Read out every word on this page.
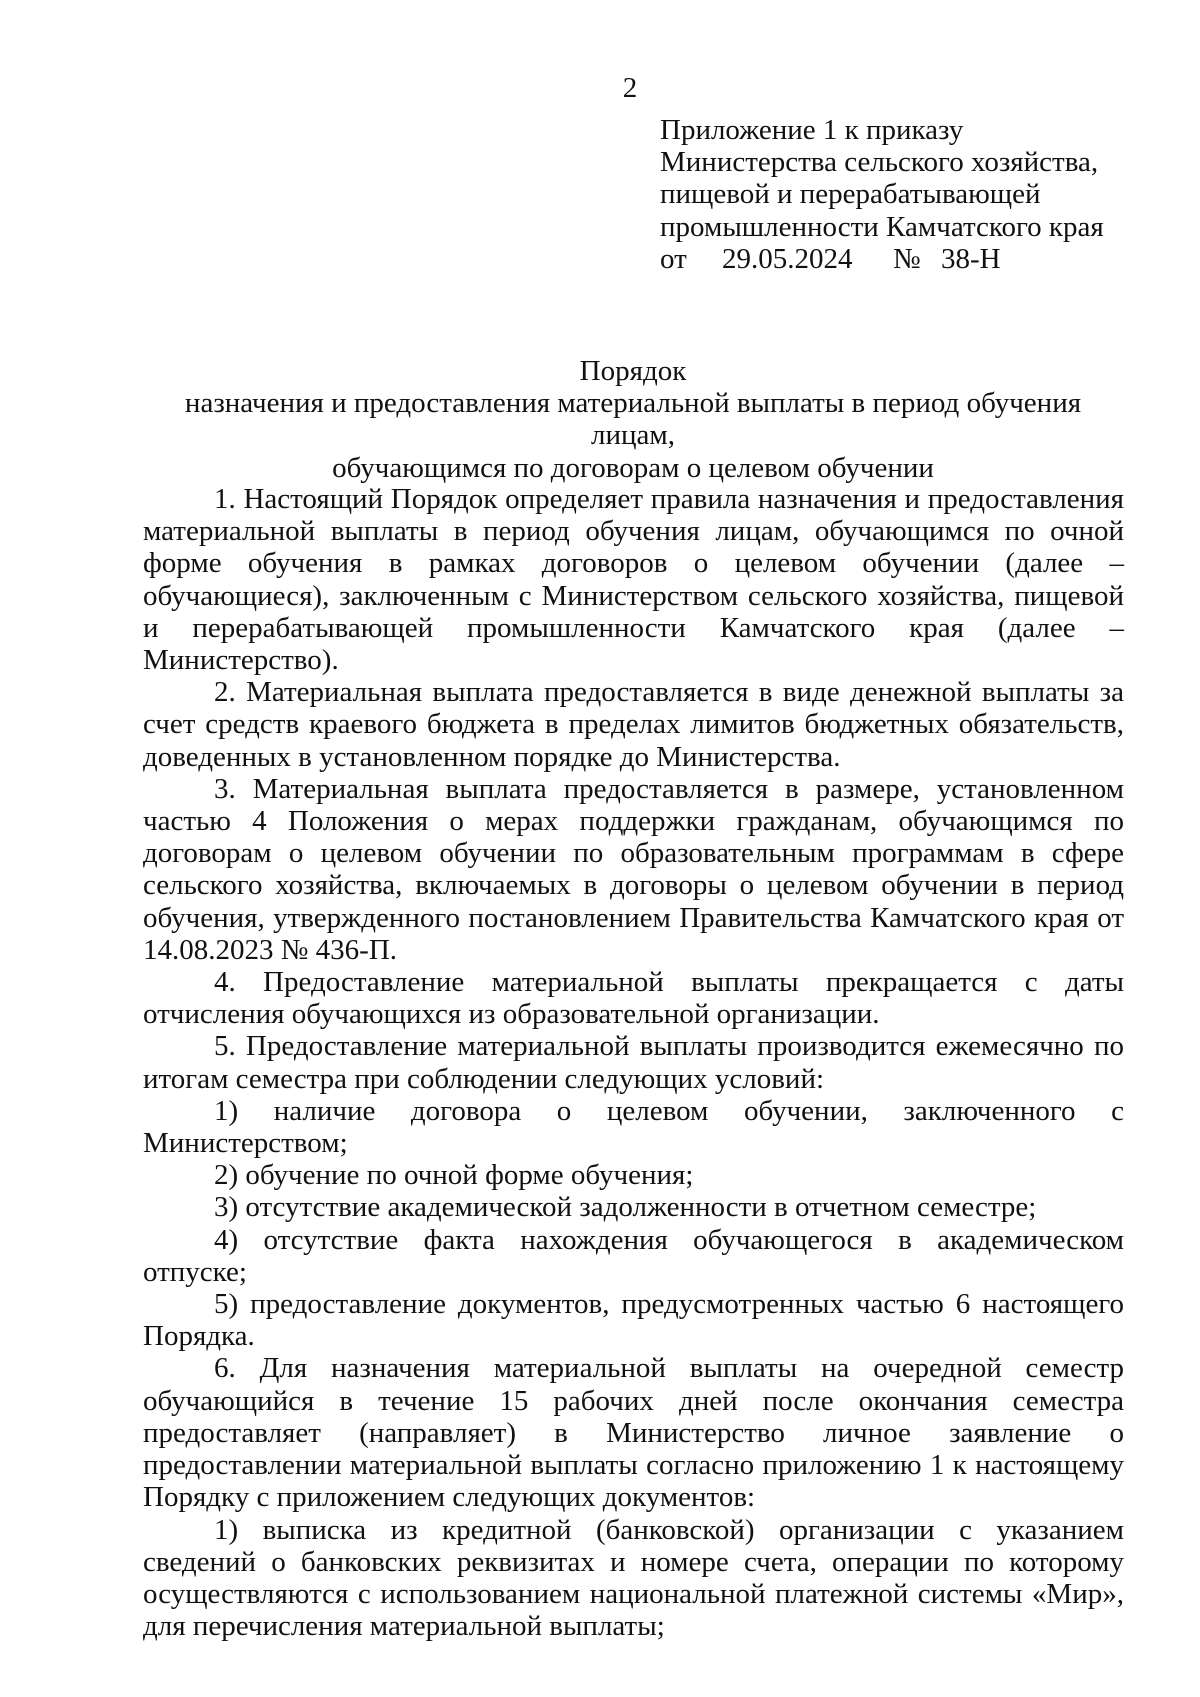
2
Приложение 1 к приказу
Министерства сельского хозяйства,
пищевой и перерабатывающей
промышленности Камчатского края
от 29.05.2024 № 38-Н
Порядок
назначения и предоставления материальной выплаты в период обучения лицам,
обучающимся по договорам о целевом обучении

1. Настоящий Порядок определяет правила назначения и предоставления материальной выплаты в период обучения лицам, обучающимся по очной форме обучения в рамках договоров о целевом обучении (далее – обучающиеся), заключенным с Министерством сельского хозяйства, пищевой и перерабатывающей промышленности Камчатского края (далее – Министерство).

2. Материальная выплата предоставляется в виде денежной выплаты за счет средств краевого бюджета в пределах лимитов бюджетных обязательств, доведенных в установленном порядке до Министерства.

3. Материальная выплата предоставляется в размере, установленном частью 4 Положения о мерах поддержки гражданам, обучающимся по договорам о целевом обучении по образовательным программам в сфере сельского хозяйства, включаемых в договоры о целевом обучении в период обучения, утвержденного постановлением Правительства Камчатского края от 14.08.2023 № 436-П.

4. Предоставление материальной выплаты прекращается с даты отчисления обучающихся из образовательной организации.

5. Предоставление материальной выплаты производится ежемесячно по итогам семестра при соблюдении следующих условий:

1) наличие договора о целевом обучении, заключенного с Министерством;

2) обучение по очной форме обучения;

3) отсутствие академической задолженности в отчетном семестре;

4) отсутствие факта нахождения обучающегося в академическом отпуске;

5) предоставление документов, предусмотренных частью 6 настоящего Порядка.

6. Для назначения материальной выплаты на очередной семестр обучающийся в течение 15 рабочих дней после окончания семестра предоставляет (направляет) в Министерство личное заявление о предоставлении материальной выплаты согласно приложению 1 к настоящему Порядку с приложением следующих документов:

1) выписка из кредитной (банковской) организации с указанием сведений о банковских реквизитах и номере счета, операции по которому осуществляются с использованием национальной платежной системы «Мир», для перечисления материальной выплаты;
